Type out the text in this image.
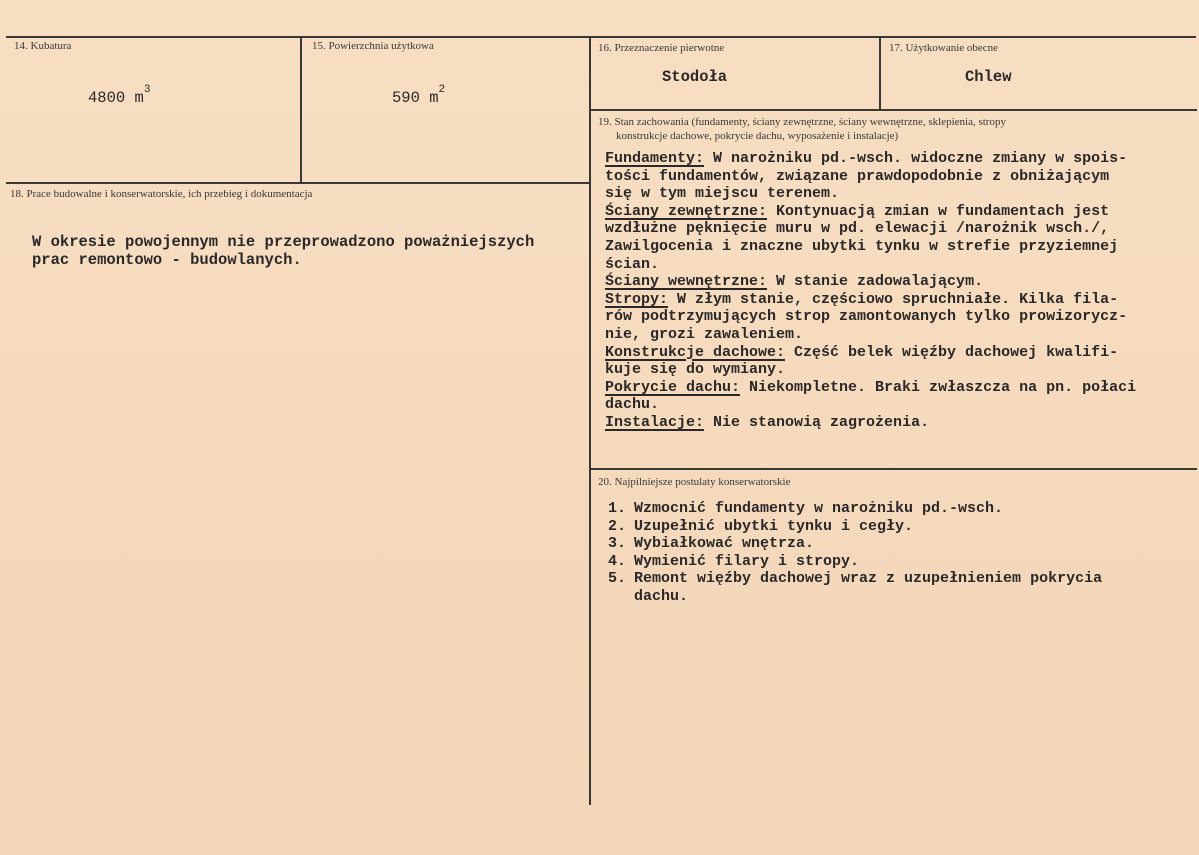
14. Kubatura
4800 $m^3$
15. Powierzchnia użytkowa
590 $m^2$
16. Przeznaczenie pierwotne
Stodoła
17. Użytkowanie obecne
Chlew
18. Prace budowalne i konserwatorskie, ich przebieg i dokumentacja
W okresie powojennym nie przeprowadzono poważniejszych
prac remontowo - budowlanych.
19. Stan zachowania (fundamenty, ściany zewnętrzne, ściany wewnętrzne, sklepienia, stropy
konstrukcje dachowe, pokrycie dachu, wyposażenie i instalacje)
Fundamenty: W narożniku pd.-wsch. widoczne zmiany w spois-
tości fundamentów, związane prawdopodobnie z obniżającym
się w tym miejscu terenem.
Ściany zewnętrzne: Kontynuacją zmian w fundamentach jest
wzdłużne pęknięcie muru w pd. elewacji /narożnik wsch./,
Zawilgocenia i znaczne ubytki tynku w strefie przyziemnej
ścian.
Ściany wewnętrzne: W stanie zadowalającym.
Stropy: W złym stanie, częściowo spruchniałe. Kilka fila-
rów podtrzymujących strop zamontowanych tylko prowizorycz-
nie, grozi zawaleniem.
Konstrukcje dachowe: Część belek więźby dachowej kwalifi-
kuje się do wymiany.
Pokrycie dachu: Niekompletne. Braki zwłaszcza na pn. połaci
dachu.
Instalacje: Nie stanowią zagrożenia.
20. Najpilniejsze postulaty konserwatorskie
1. Wzmocnić fundamenty w narożniku pd.-wsch.
2. Uzupełnić ubytki tynku i cegły.
3. Wybiałkować wnętrza.
4. Wymienić filary i stropy.
5. Remont więźby dachowej wraz z uzupełnieniem pokrycia
dachu.
